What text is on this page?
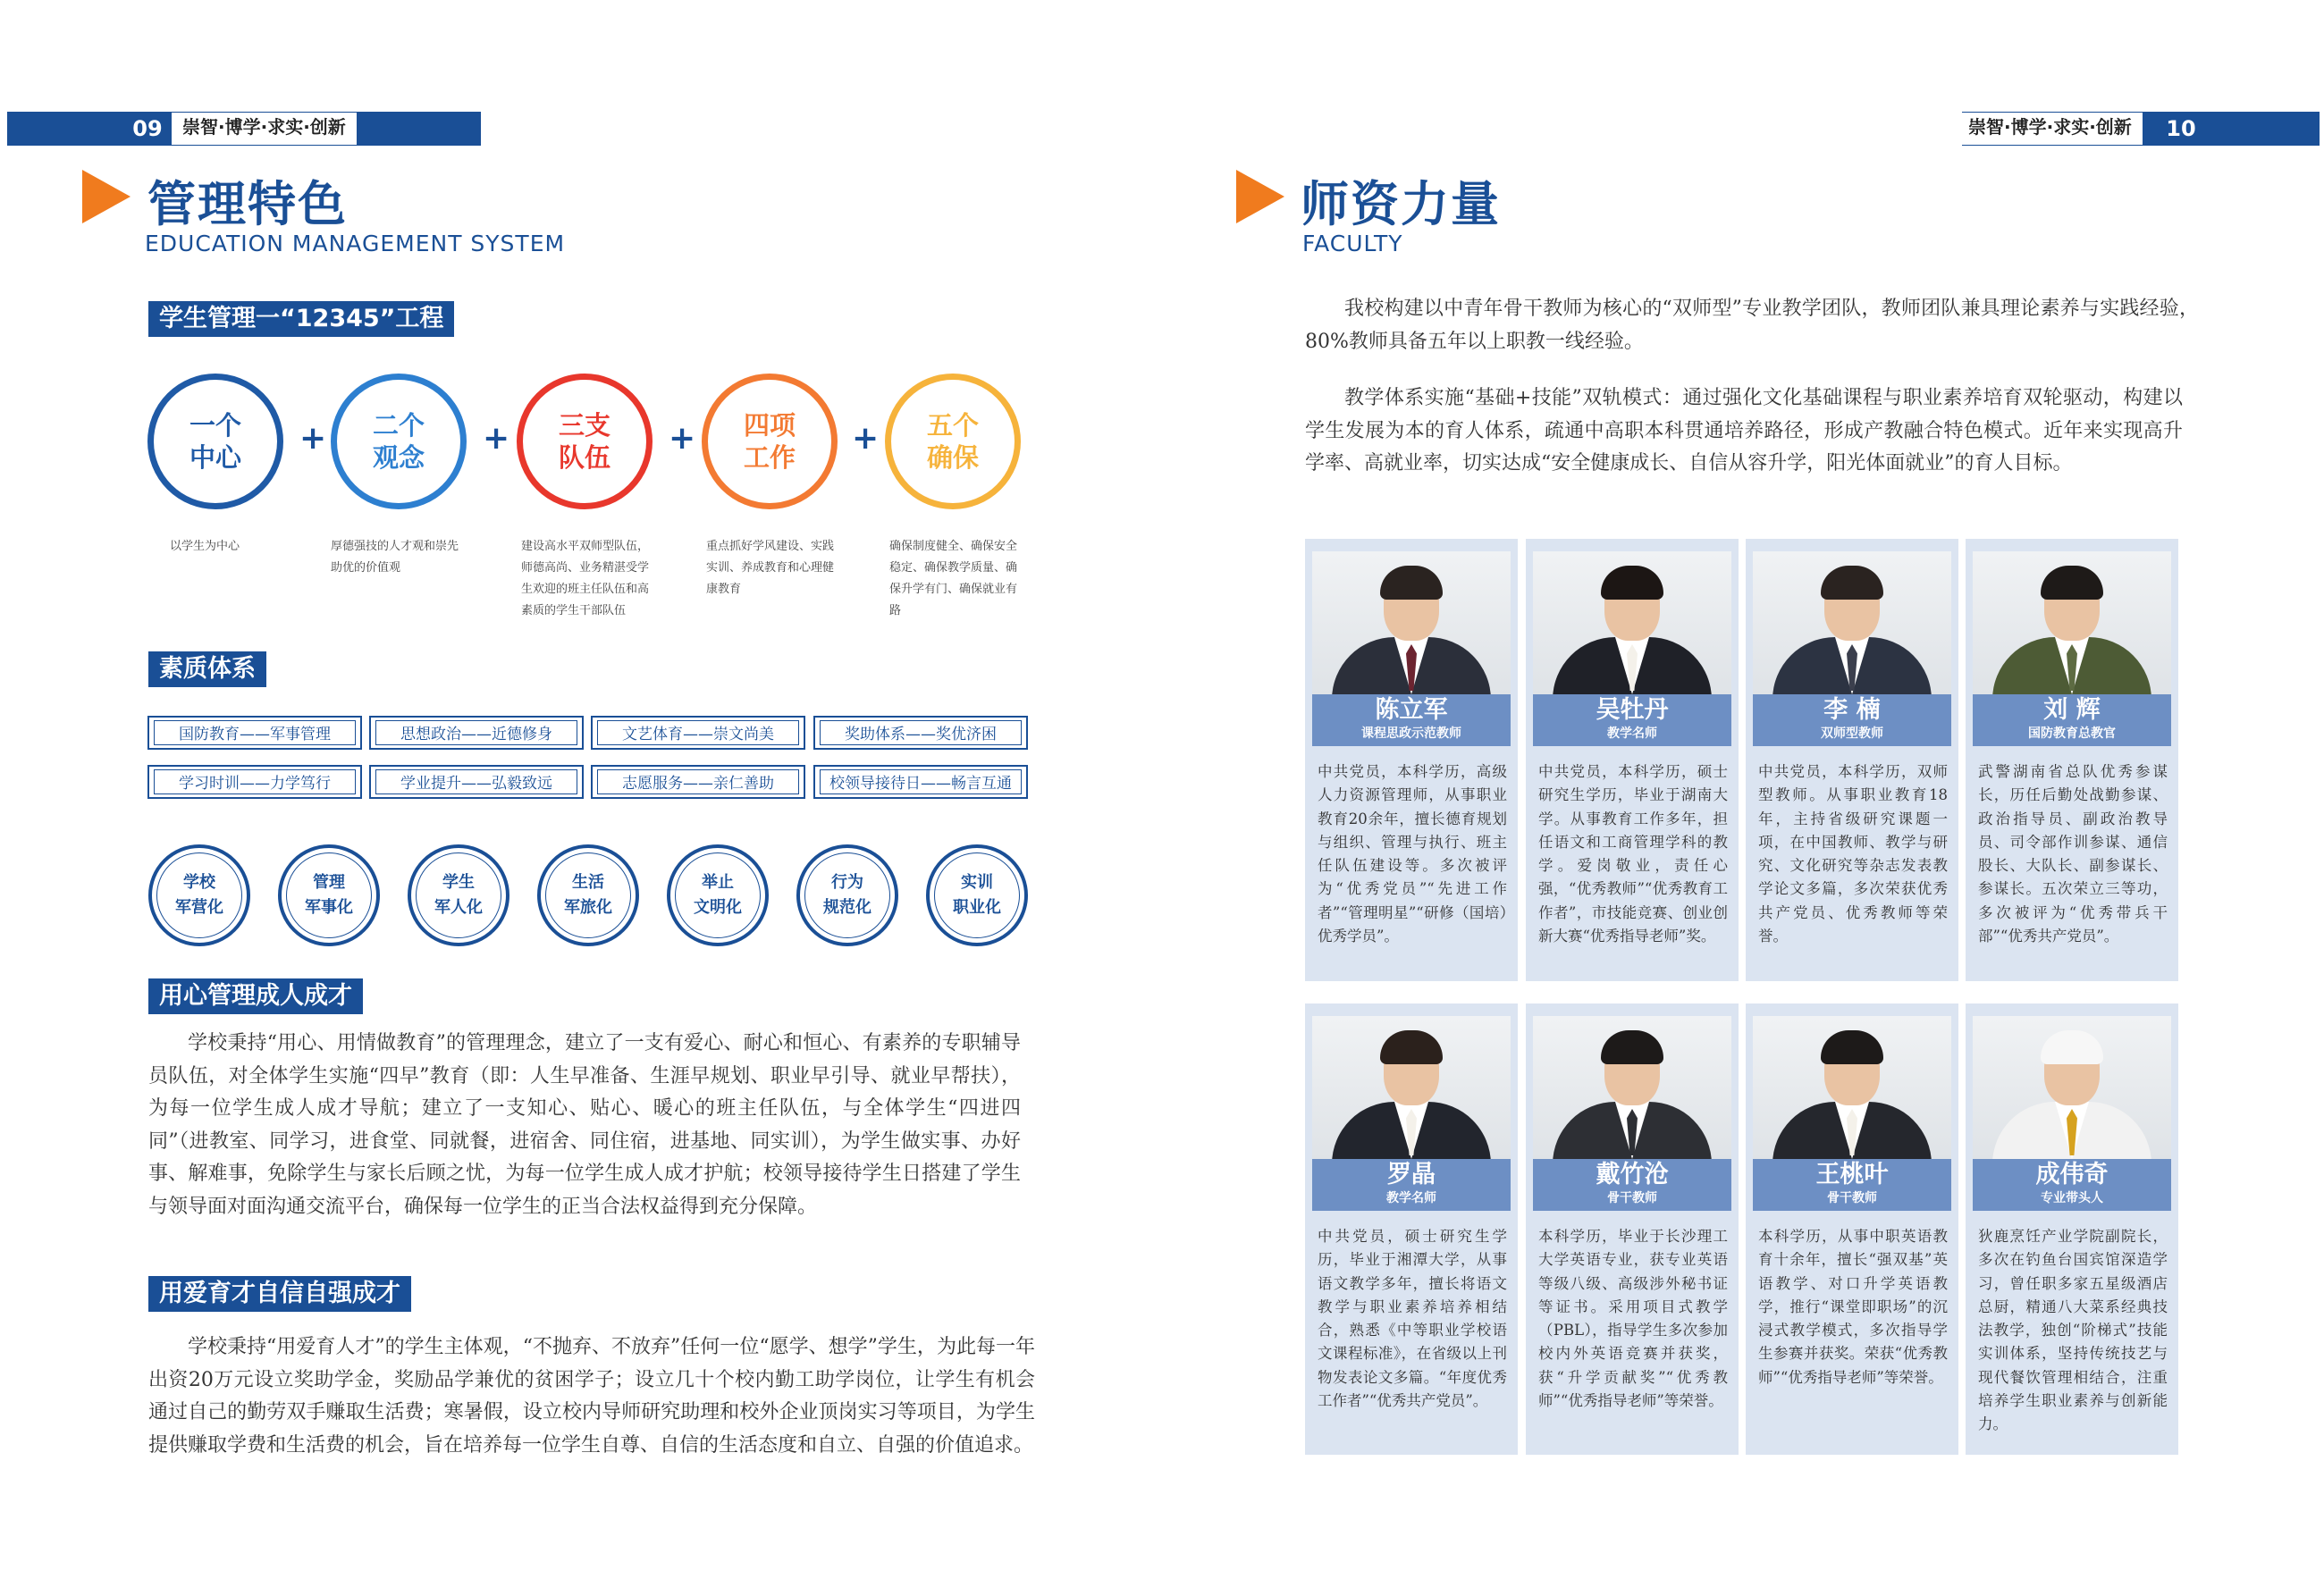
09	崇智·博学·求实·创新
管理特色
EDUCATION MANAGEMENT SYSTEM
学生管理一“12345”工程
一个
中心
以学生为中心
+	二个
观念
厚德强技的人才观和崇先助优的价值观
+	三支
队伍
建设高水平双师型队伍，师德高尚、业务精湛受学生欢迎的班主任队伍和高素质的学生干部队伍
+	四项
工作
重点抓好学风建设、实践实训、养成教育和心理健康教育
+	五个
确保
确保制度健全、确保安全稳定、确保教学质量、确保升学有门、确保就业有路
素质体系
国防教育——军事管理	思想政治——近德修身	文艺体育——崇文尚美	奖助体系——奖优济困
学习时训——力学笃行	学业提升——弘毅致远	志愿服务——亲仁善助	校领导接待日——畅言互通
学校
军营化
管理
军事化
学生
军人化
生活
军旅化
举止
文明化
行为
规范化
实训
职业化
用心管理成人成才
学校秉持“用心、用情做教育”的管理理念，建立了一支有爱心、耐心和恒心、有素养的专职辅导员队伍，对全体学生实施“四早”教育（即：人生早准备、生涯早规划、职业早引导、就业早帮扶），为每一位学生成人成才导航；建立了一支知心、贴心、暖心的班主任队伍，与全体学生“四进四同”（进教室、同学习，进食堂、同就餐，进宿舍、同住宿，进基地、同实训），为学生做实事、办好事、解难事，免除学生与家长后顾之忧，为每一位学生成人成才护航；校领导接待学生日搭建了学生与领导面对面沟通交流平台，确保每一位学生的正当合法权益得到充分保障。
用爱育才自信自强成才
学校秉持“用爱育人才”的学生主体观，“不抛弃、不放弃”任何一位“愿学、想学”学生，为此每一年出资20万元设立奖助学金，奖励品学兼优的贫困学子；设立几十个校内勤工助学岗位，让学生有机会通过自己的勤劳双手赚取生活费；寒暑假，设立校内导师研究助理和校外企业顶岗实习等项目，为学生提供赚取学费和生活费的机会，旨在培养每一位学生自尊、自信的生活态度和自立、自强的价值追求。
崇智·博学·求实·创新	10
师资力量
FACULTY
我校构建以中青年骨干教师为核心的“双师型”专业教学团队，教师团队兼具理论素养与实践经验，80%教师具备五年以上职教一线经验。
教学体系实施“基础+技能”双轨模式：通过强化文化基础课程与职业素养培育双轮驱动，构建以学生发展为本的育人体系，疏通中高职本科贯通培养路径，形成产教融合特色模式。近年来实现高升学率、高就业率，切实达成“安全健康成长、自信从容升学，阳光体面就业”的育人目标。
陈立军
课程思政示范教师
中共党员，本科学历，高级人力资源管理师，从事职业教育20余年，擅长德育规划与组织、管理与执行、班主任队伍建设等。多次被评为“优秀党员”“先进工作者”“管理明星”“研修（国培）优秀学员”。
吴牡丹
教学名师
中共党员，本科学历，硕士研究生学历，毕业于湖南大学。从事教育工作多年，担任语文和工商管理学科的教学。爱岗敬业，责任心强，“优秀教师”“优秀教育工作者”，市技能竞赛、创业创新大赛“优秀指导老师”奖。
李 楠
双师型教师
中共党员，本科学历，双师型教师。从事职业教育18年，主持省级研究课题一项，在中国教师、教学与研究、文化研究等杂志发表教学论文多篇，多次荣获优秀共产党员、优秀教师等荣誉。
刘 辉
国防教育总教官
武警湖南省总队优秀参谋长，历任后勤处战勤参谋、政治指导员、副政治教导员、司令部作训参谋、通信股长、大队长、副参谋长、参谋长。五次荣立三等功，多次被评为“优秀带兵干部”“优秀共产党员”。
罗晶
教学名师
中共党员，硕士研究生学历，毕业于湘潭大学，从事语文教学多年，擅长将语文教学与职业素养培养相结合，熟悉《中等职业学校语文课程标准》，在省级以上刊物发表论文多篇。“年度优秀工作者”“优秀共产党员”。
戴竹沧
骨干教师
本科学历，毕业于长沙理工大学英语专业，获专业英语等级八级、高级涉外秘书证等证书。采用项目式教学（PBL），指导学生多次参加校内外英语竞赛并获奖，获“升学贡献奖”“优秀教师”“优秀指导老师”等荣誉。
王桃叶
骨干教师
本科学历，从事中职英语教育十余年，擅长“强双基”英语教学、对口升学英语教学，推行“课堂即职场”的沉浸式教学模式，多次指导学生参赛并获奖。荣获“优秀教师”“优秀指导老师”等荣誉。
成伟奇
专业带头人
狄鹿烹饪产业学院副院长，多次在钓鱼台国宾馆深造学习，曾任职多家五星级酒店总厨，精通八大菜系经典技法教学，独创“阶梯式”技能实训体系，坚持传统技艺与现代餐饮管理相结合，注重培养学生职业素养与创新能力。
